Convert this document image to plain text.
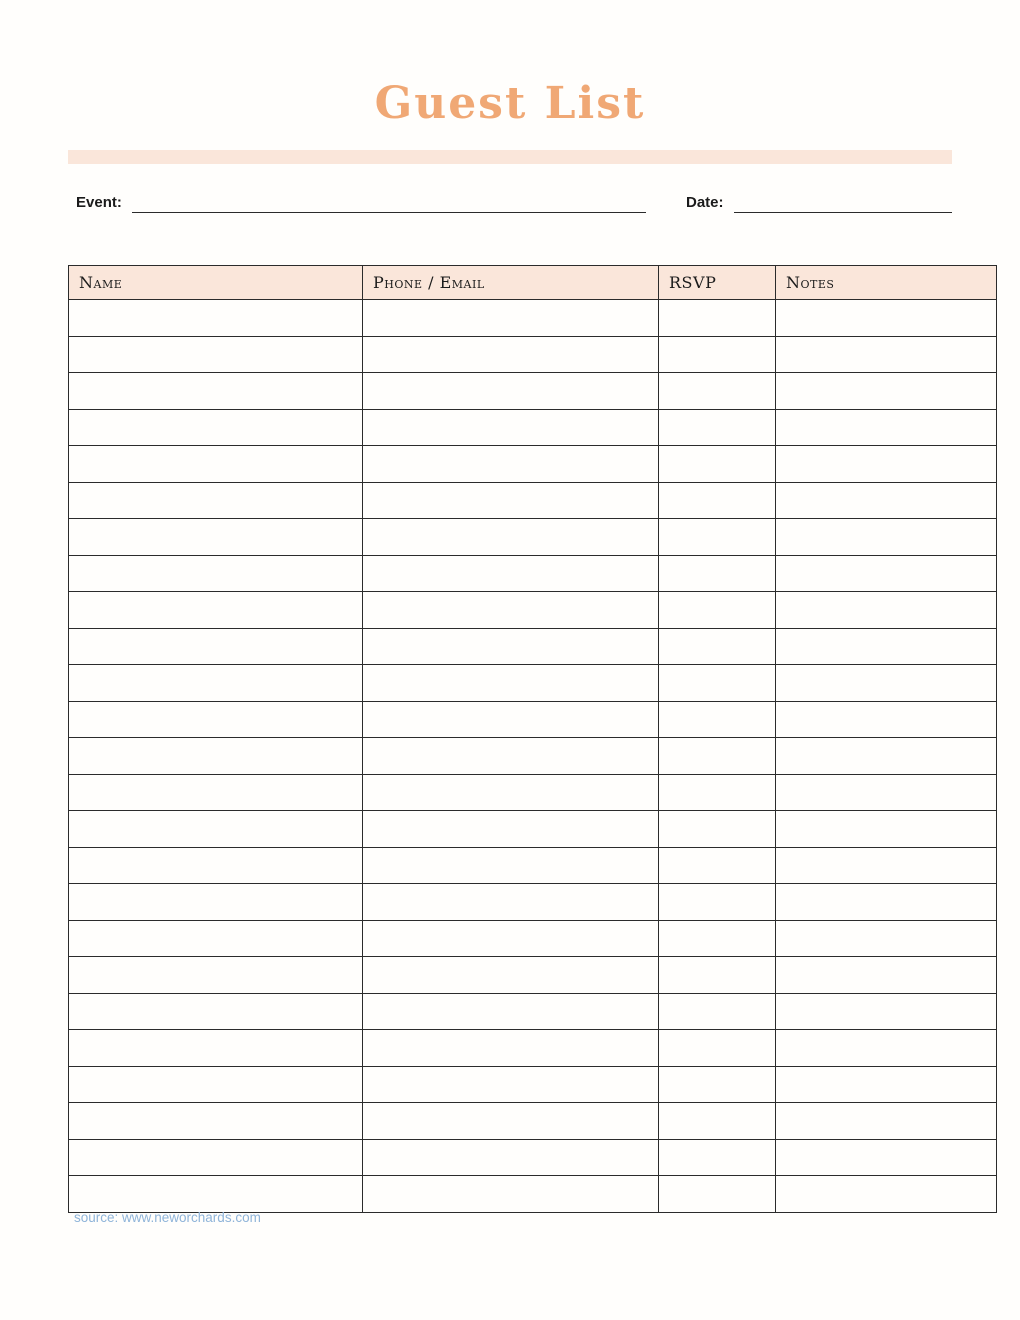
Guest List
Event:	Date:
Name	Phone / Email	RSVP	Notes

source: www.neworchards.com
